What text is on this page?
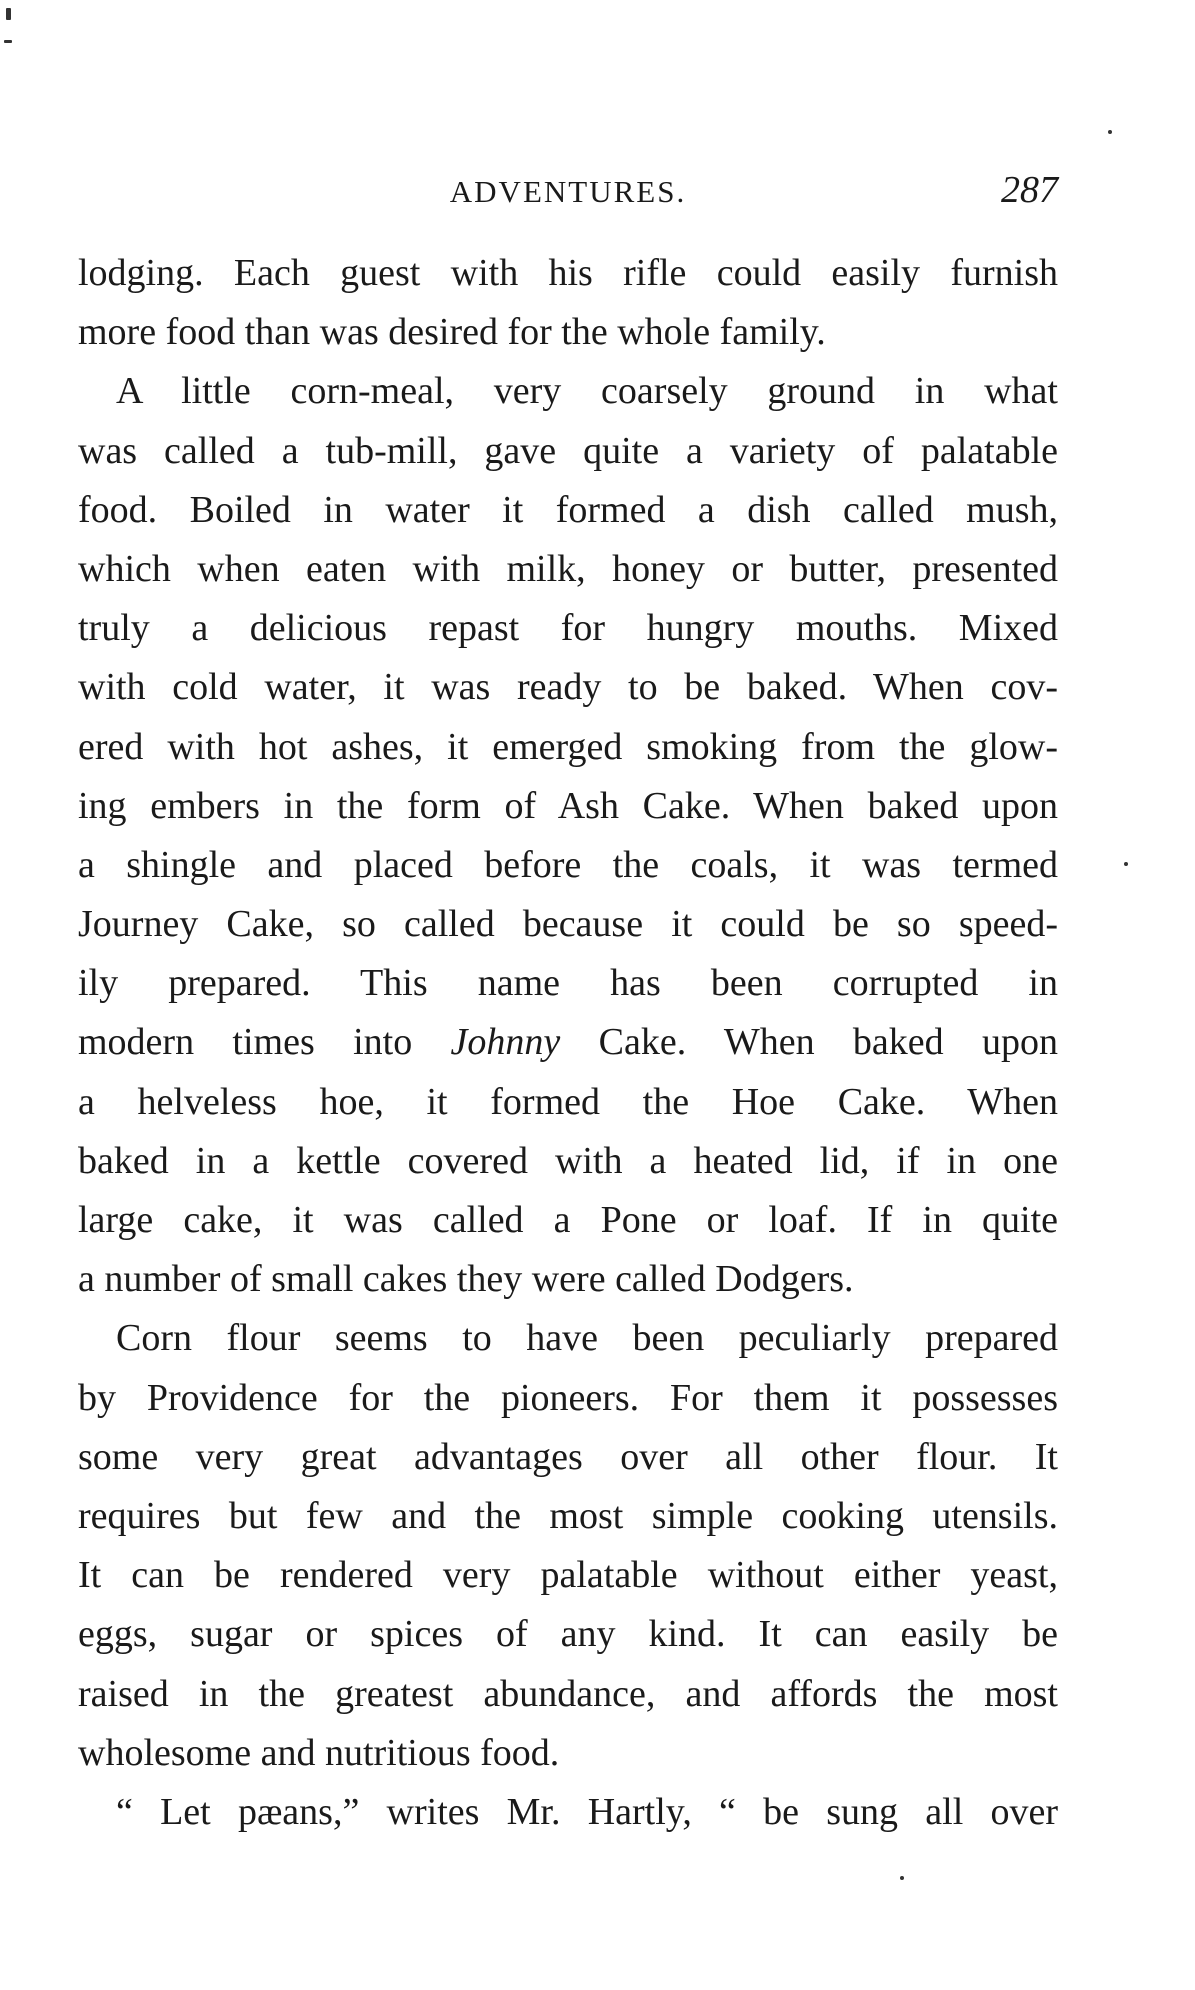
ADVENTURES.	287
lodging. Each guest with his rifle could easily furnish
more food than was desired for the whole family.
A little corn-meal, very coarsely ground in what
was called a tub-mill, gave quite a variety of palatable
food. Boiled in water it formed a dish called mush,
which when eaten with milk, honey or butter, presented
truly a delicious repast for hungry mouths. Mixed
with cold water, it was ready to be baked. When cov-
ered with hot ashes, it emerged smoking from the glow-
ing embers in the form of Ash Cake. When baked upon
a shingle and placed before the coals, it was termed
Journey Cake, so called because it could be so speed-
ily prepared. This name has been corrupted in
modern times into Johnny Cake. When baked upon
a helveless hoe, it formed the Hoe Cake. When
baked in a kettle covered with a heated lid, if in one
large cake, it was called a Pone or loaf. If in quite
a number of small cakes they were called Dodgers.
Corn flour seems to have been peculiarly prepared
by Providence for the pioneers. For them it possesses
some very great advantages over all other flour. It
requires but few and the most simple cooking utensils.
It can be rendered very palatable without either yeast,
eggs, sugar or spices of any kind. It can easily be
raised in the greatest abundance, and affords the most
wholesome and nutritious food.
“ Let pæans,” writes Mr. Hartly, “ be sung all over
